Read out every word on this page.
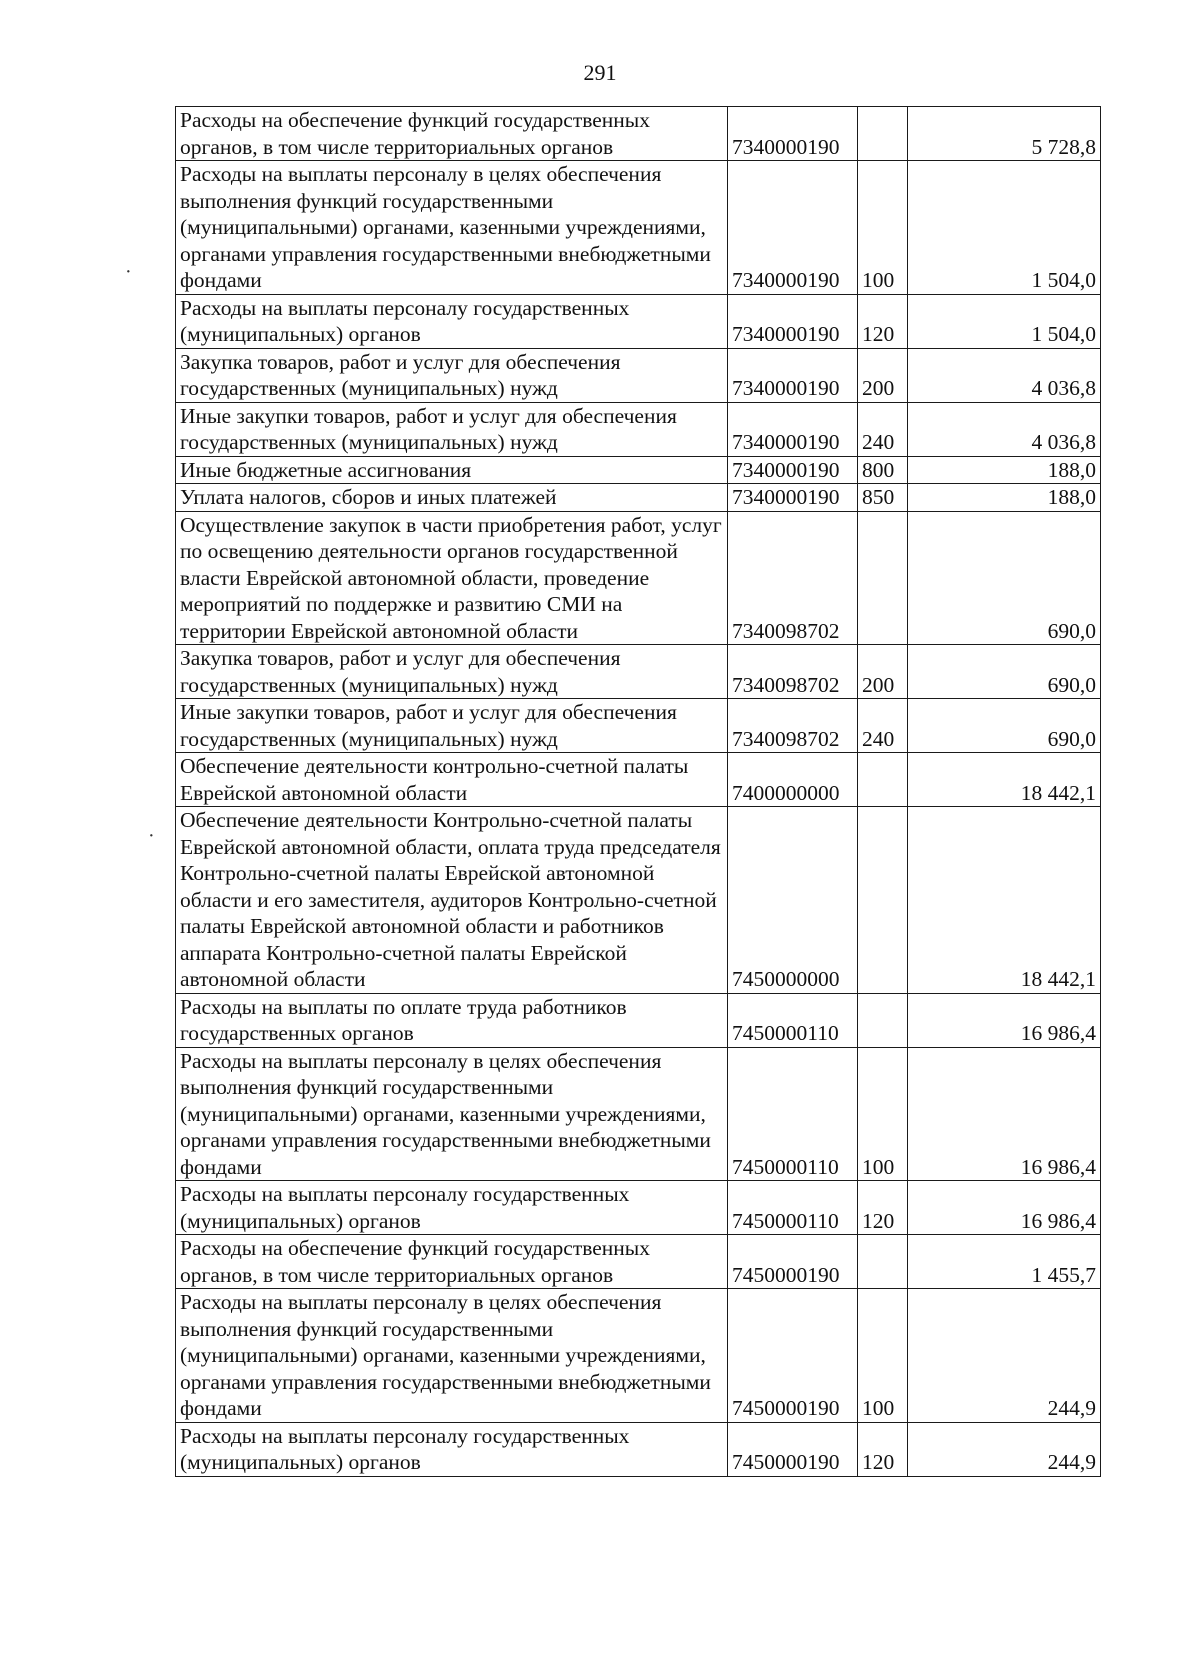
291
·
·
Расходы на обеспечение функций государственных органов, в том числе территориальных органов	7340000190		5 728,8
Расходы на выплаты персоналу в целях обеспечения выполнения функций государственными (муниципальными) органами, казенными учреждениями, органами управления государственными внебюджетными фондами	7340000190	100	1 504,0
Расходы на выплаты персоналу государственных (муниципальных) органов	7340000190	120	1 504,0
Закупка товаров, работ и услуг для обеспечения государственных (муниципальных) нужд	7340000190	200	4 036,8
Иные закупки товаров, работ и услуг для обеспечения государственных (муниципальных) нужд	7340000190	240	4 036,8
Иные бюджетные ассигнования	7340000190	800	188,0
Уплата налогов, сборов и иных платежей	7340000190	850	188,0
Осуществление закупок в части приобретения работ, услуг по освещению деятельности органов государственной власти Еврейской автономной области, проведение мероприятий по поддержке и развитию СМИ на территории Еврейской автономной области	7340098702		690,0
Закупка товаров, работ и услуг для обеспечения государственных (муниципальных) нужд	7340098702	200	690,0
Иные закупки товаров, работ и услуг для обеспечения государственных (муниципальных) нужд	7340098702	240	690,0
Обеспечение деятельности контрольно-счетной палаты Еврейской автономной области	7400000000		18 442,1
Обеспечение деятельности Контрольно-счетной палаты Еврейской автономной области, оплата труда председателя Контрольно-счетной палаты Еврейской автономной области и его заместителя, аудиторов Контрольно-счетной палаты Еврейской автономной области и работников аппарата Контрольно-счетной палаты Еврейской автономной области	7450000000		18 442,1
Расходы на выплаты по оплате труда работников государственных органов	7450000110		16 986,4
Расходы на выплаты персоналу в целях обеспечения выполнения функций государственными (муниципальными) органами, казенными учреждениями, органами управления государственными внебюджетными фондами	7450000110	100	16 986,4
Расходы на выплаты персоналу государственных (муниципальных) органов	7450000110	120	16 986,4
Расходы на обеспечение функций государственных органов, в том числе территориальных органов	7450000190		1 455,7
Расходы на выплаты персоналу в целях обеспечения выполнения функций государственными (муниципальными) органами, казенными учреждениями, органами управления государственными внебюджетными фондами	7450000190	100	244,9
Расходы на выплаты персоналу государственных (муниципальных) органов	7450000190	120	244,9
